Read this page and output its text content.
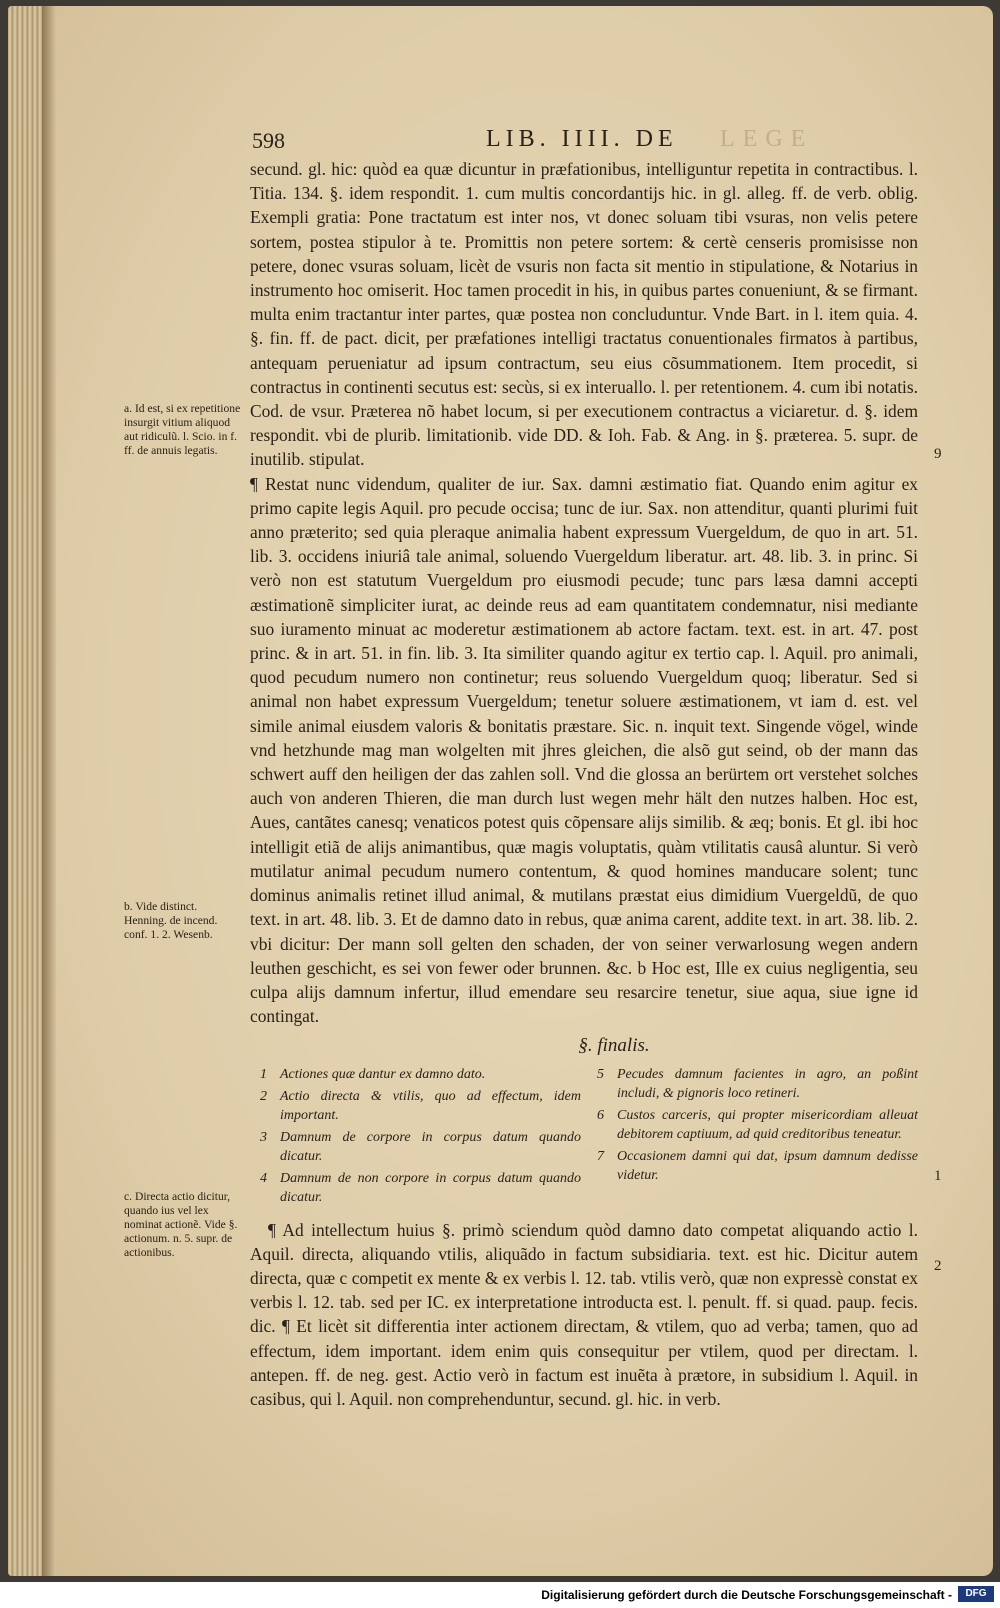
598	LIB. IIII. DE LEGE

secund. gl. hic: quòd ea quæ dicuntur in præfationibus, intelliguntur repetita in contractibus. l. Titia. 134. §. idem respondit. 1. cum multis concordantijs hic. in gl. alleg. ff. de verb. oblig. Exempli gratia: Pone tractatum est inter nos, vt donec soluam tibi vsuras, non velis petere sortem, postea stipulor à te. Promittis non petere sortem: & certè censeris promisisse non petere, donec vsuras soluam, licèt de vsuris non facta sit mentio in stipulatione, & Notarius in instrumento hoc omiserit. Hoc tamen procedit in his, in quibus partes conueniunt, & se firmant. multa enim tractantur inter partes, quæ postea non concluduntur. Vnde Bart. in l. item quia. 4. §. fin. ff. de pact. dicit, per præfationes intelligi tractatus conuentionales firmatos à partibus, antequam perueniatur ad ipsum contractum, seu eius cõsummationem. Item procedit, si contractus in continenti secutus est: secùs, si ex interuallo. l. per retentionem. 4. cum ibi notatis. Cod. de vsur. Præterea nõ habet locum, si per executionem contractus a viciaretur. d. §. idem respondit. vbi de plurib. limitationib. vide DD. & Ioh. Fab. & Ang. in §. præterea. 5. supr. de inutilib. stipulat.

¶ Restat nunc videndum, qualiter de iur. Sax. damni æstimatio fiat. Quando enim agitur ex primo capite legis Aquil. pro pecude occisa; tunc de iur. Sax. non attenditur, quanti plurimi fuit anno præterito; sed quia pleraque animalia habent expressum Vuergeldum, de quo in art. 51. lib. 3. occidens iniuriâ tale animal, soluendo Vuergeldum liberatur. art. 48. lib. 3. in princ. Si verò non est statutum Vuergeldum pro eiusmodi pecude; tunc pars læsa damni accepti æstimationẽ simpliciter iurat, ac deinde reus ad eam quantitatem condemnatur, nisi mediante suo iuramento minuat ac moderetur æstimationem ab actore factam. text. est. in art. 47. post princ. & in art. 51. in fin. lib. 3. Ita similiter quando agitur ex tertio cap. l. Aquil. pro animali, quod pecudum numero non continetur; reus soluendo Vuergeldum quoq; liberatur. Sed si animal non habet expressum Vuergeldum; tenetur soluere æstimationem, vt iam d. est. vel simile animal eiusdem valoris & bonitatis præstare. Sic. n. inquit text. Singende vögel, winde vnd hetzhunde mag man wolgelten mit jhres gleichen, die alsõ gut seind, ob der mann das schwert auff den heiligen der das zahlen soll. Vnd die glossa an berürtem ort verstehet solches auch von anderen Thieren, die man durch lust wegen mehr hält den nutzes halben. Hoc est, Aues, cantãtes canesq; venaticos potest quis cõpensare alijs similib. & æq; bonis. Et gl. ibi hoc intelligit etiã de alijs animantibus, quæ magis voluptatis, quàm vtilitatis causâ aluntur. Si verò mutilatur animal pecudum numero contentum, & quod homines manducare solent; tunc dominus animalis retinet illud animal, & mutilans præstat eius dimidium Vuergeldũ, de quo text. in art. 48. lib. 3. Et de damno dato in rebus, quæ anima carent, addite text. in art. 38. lib. 2. vbi dicitur: Der mann soll gelten den schaden, der von seiner verwarlosung wegen andern leuthen geschicht, es sei von fewer oder brunnen. &c. b Hoc est, Ille ex cuius negligentia, seu culpa alijs damnum infertur, illud emendare seu resarcire tenetur, siue aqua, siue igne id contingat.

§. finalis.
1 Actiones quæ dantur ex damno dato.
2 Actio directa & vtilis, quo ad effectum, idem important.
3 Damnum de corpore in corpus datum quando dicatur.
4 Damnum de non corpore in corpus datum quando dicatur.
5 Pecudes damnum facientes in agro, an poßint includi, & pignoris loco retineri.
6 Custos carceris, qui propter misericordiam alleuat debitorem captiuum, ad quid creditoribus teneatur.
7 Occasionem damni qui dat, ipsum damnum dedisse videtur.

¶ Ad intellectum huius §. primò sciendum quòd damno dato competat aliquando actio l. Aquil. directa, aliquando vtilis, aliquãdo in factum subsidiaria. text. est hic. Dicitur autem directa, quæ c competit ex mente & ex verbis l. 12. tab. vtilis verò, quæ non expressè constat ex verbis l. 12. tab. sed per IC. ex interpretatione introducta est. l. penult. ff. si quad. paup. fecis. dic. ¶ Et licèt sit differentia inter actionem directam, & vtilem, quo ad verba; tamen, quo ad effectum, idem important. idem enim quis consequitur per vtilem, quod per directam. l. antepen. ff. de neg. gest. Actio verò in factum est inuẽta à prætore, in subsidium l. Aquil. in casibus, qui l. Aquil. non comprehenduntur, secund. gl. hic. in verb.

a. Id est, si ex repetitione insurgit vitium aliquod aut ridiculũ. l. Scio. in f. ff. de annuis legatis.
b. Vide distinct. Henning. de incend. conf. 1. 2. Wesenb.
c. Directa actio dicitur, quando ius vel lex nominat actionẽ. Vide §. actionum. n. 5. supr. de actionibus.
9
1
2
Digitalisierung gefördert durch die Deutsche Forschungsgemeinschaft -	DFG
